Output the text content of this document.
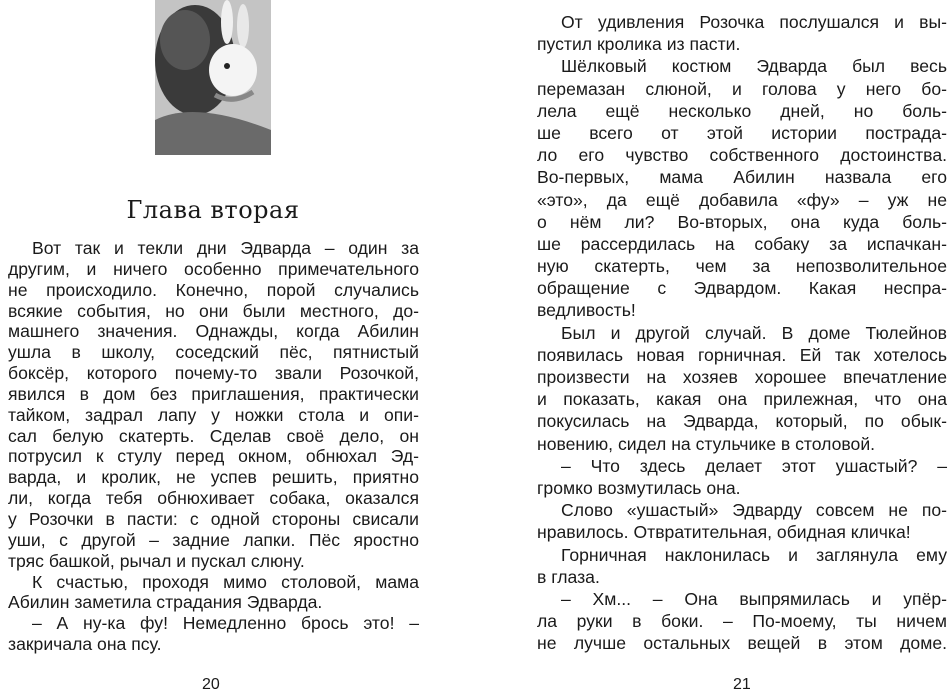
Глава вторая
Вот так и текли дни Эдварда – один за
другим, и ничего особенно примечательного
не происходило. Конечно, порой случались
всякие события, но они были местного, до-
машнего значения. Однажды, когда Абилин
ушла в школу, соседский пёс, пятнистый
боксёр, которого почему-то звали Розочкой,
явился в дом без приглашения, практически
тайком, задрал лапу у ножки стола и опи-
сал белую скатерть. Сделав своё дело, он
потрусил к стулу перед окном, обнюхал Эд-
варда, и кролик, не успев решить, приятно
ли, когда тебя обнюхивает собака, оказался
у Розочки в пасти: с одной стороны свисали
уши, с другой – задние лапки. Пёс яростно
тряс башкой, рычал и пускал слюну.
К счастью, проходя мимо столовой, мама
Абилин заметила страдания Эдварда.
– А ну-ка фу! Немедленно брось это! –
закричала она псу.
От удивления Розочка послушался и вы-
пустил кролика из пасти.
Шёлковый костюм Эдварда был весь
перемазан слюной, и голова у него бо-
лела ещё несколько дней, но боль-
ше всего от этой истории пострада-
ло его чувство собственного достоинства.
Во-первых, мама Абилин назвала его
«это», да ещё добавила «фу» – уж не
о нём ли? Во-вторых, она куда боль-
ше рассердилась на собаку за испачкан-
ную скатерть, чем за непозволительное
обращение с Эдвардом. Какая неспра-
ведливость!
Был и другой случай. В доме Тюлейнов
появилась новая горничная. Ей так хотелось
произвести на хозяев хорошее впечатление
и показать, какая она прилежная, что она
покусилась на Эдварда, который, по обык-
новению, сидел на стульчике в столовой.
– Что здесь делает этот ушастый? –
громко возмутилась она.
Слово «ушастый» Эдварду совсем не по-
нравилось. Отвратительная, обидная кличка!
Горничная наклонилась и заглянула ему
в глаза.
– Хм... – Она выпрямилась и упёр-
ла руки в боки. – По-моему, ты ничем
не лучше остальных вещей в этом доме.
20	21
